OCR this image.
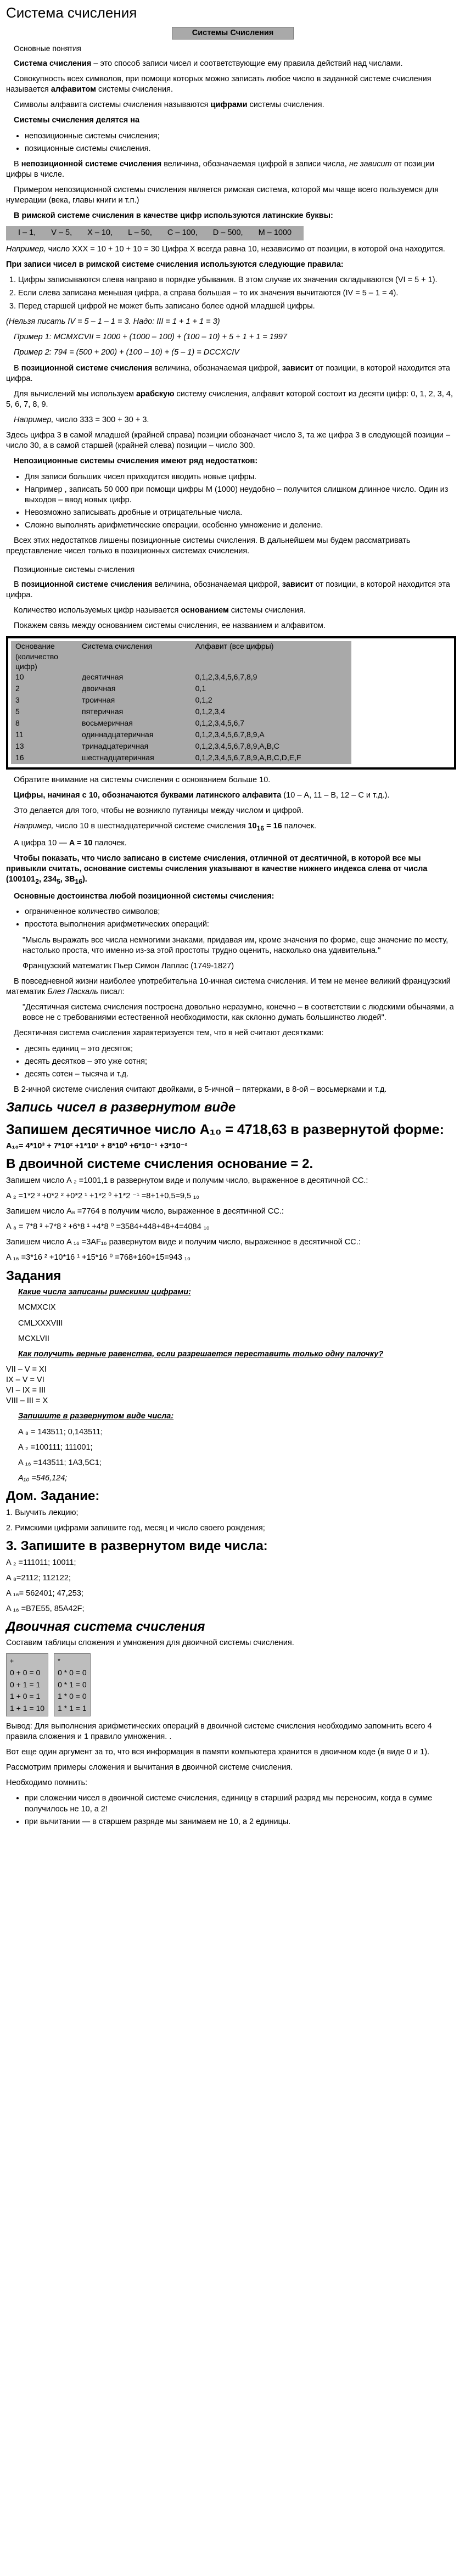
Система счисления
Системы Счисления

Основные понятия

Система счисления – это способ записи чисел и соответствующие ему правила действий над числами.

Совокупность всех символов, при помощи которых можно записать любое число в заданной системе счисления называется алфавитом системы счисления.

Символы алфавита системы счисления называются цифрами системы счисления.

Системы счисления делятся на

• непозиционные системы счисления;
• позиционные системы счисления.

В непозиционной системе счисления величина, обозначаемая цифрой в записи числа, не зависит от позиции цифры в числе.

Примером непозиционной системы счисления является римская система, которой мы чаще всего пользуемся для нумерации (века, главы книги и т.п.)

В римской системе счисления в качестве цифр используются латинские буквы:

I – 1, V – 5, X – 10, L – 50, C – 100, D – 500, M – 1000

Например, число XXX = 10 + 10 + 10 = 30 Цифра X всегда равна 10, независимо от позиции, в которой она находится.

При записи чисел в римской системе счисления используются следующие правила:

1. Цифры записываются слева направо в порядке убывания. В этом случае их значения складываются (VI = 5 + 1).
2. Если слева записана меньшая цифра, а справа большая – то их значения вычитаются (IV = 5 – 1 = 4).
3. Перед старшей цифрой не может быть записано более одной младшей цифры.

(Нельзя писать IV = 5 – 1 – 1 = 3. Надо: III = 1 + 1 + 1 = 3)

Пример 1: MCMXCVII = 1000 + (1000 – 100) + (100 – 10) + 5 + 1 + 1 = 1997

Пример 2: 794 = (500 + 200) + (100 – 10) + (5 – 1) = DCCXCIV

В позиционной системе счисления величина, обозначаемая цифрой, зависит от позиции, в которой находится эта цифра.

Для вычислений мы используем арабскую систему счисления, алфавит которой состоит из десяти цифр: 0, 1, 2, 3, 4, 5, 6, 7, 8, 9.

Например, число 333 = 300 + 30 + 3.

Здесь цифра 3 в самой младшей (крайней справа) позиции обозначает число 3, та же цифра 3 в следующей позиции – число 30, а в самой старшей (крайней слева) позиции – число 300.

Непозиционные системы счисления имеют ряд недостатков:

• Для записи больших чисел приходится вводить новые цифры.
• Например , записать 50 000 при помощи цифры M (1000) неудобно – получится слишком длинное число. Один из выходов – ввод новых цифр.
• Невозможно записывать дробные и отрицательные числа.
• Сложно выполнять арифметические операции, особенно умножение и деление.

Всех этих недостатков лишены позиционные системы счисления. В дальнейшем мы будем рассматривать представление чисел только в позиционных системах счисления.

Позиционные системы счисления

В позиционной системе счисления величина, обозначаемая цифрой, зависит от позиции, в которой находится эта цифра.

Количество используемых цифр называется основанием системы счисления.

Покажем связь между основанием системы счисления, ее названием и алфавитом.

Основание (количество цифр)	Система счисления	Алфавит (все цифры)
10	десятичная	0,1,2,3,4,5,6,7,8,9
2	двоичная	0,1
3	троичная	0,1,2
5	пятеричная	0,1,2,3,4
8	восьмеричная	0,1,2,3,4,5,6,7
11	одиннадцатеричная	0,1,2,3,4,5,6,7,8,9,A
13	тринадцатеричная	0,1,2,3,4,5,6,7,8,9,A,B,C
16	шестнадцатеричная	0,1,2,3,4,5,6,7,8,9,A,B,C,D,E,F

Обратите внимание на системы счисления с основанием больше 10.

Цифры, начиная с 10, обозначаются буквами латинского алфавита (10 – A, 11 – B, 12 – C и т.д.).

Это делается для того, чтобы не возникло путаницы между числом и цифрой.

Например, число 10 в шестнадцатеричной системе счисления $10_{16} = 16$ палочек.

А цифра 10 — A = 10 палочек.

Чтобы показать, что число записано в системе счисления, отличной от десятичной, в которой все мы привыкли считать, основание системы счисления указывают в качестве нижнего индекса слева от числа ($100101_2$, $234_5$, $3B_{16}$).

Основные достоинства любой позиционной системы счисления:

• ограниченное количество символов;
• простота выполнения арифметических операций:

"Мысль выражать все числа немногими знаками, придавая им, кроме значения по форме, еще значение по месту, настолько проста, что именно из-за этой простоты трудно оценить, насколько она удивительна."

Французский математик Пьер Симон Лаплас (1749-1827)

В повседневной жизни наиболее употребительна 10-ичная система счисления. И тем не менее великий французский математик Блез Паскаль писал:

"Десятичная система счисления построена довольно неразумно, конечно – в соответствии с людскими обычаями, а вовсе не с требованиями естественной необходимости, как склонно думать большинство людей".

Десятичная система счисления характеризуется тем, что в ней считают десятками:

• десять единиц – это десяток;
• десять десятков – это уже сотня;
• десять сотен – тысяча и т.д.

В 2-ичной системе счисления считают двойками, в 5-ичной – пятерками, в 8-ой – восьмерками и т.д.

Запись чисел в развернутом виде
Запишем десятичное число A₁₀ = 4718,63 в развернутой форме:

A₁₀= 4*10³ + 7*10² +1*10¹ + 8*10⁰ +6*10⁻¹ +3*10⁻²

В двоичной системе счисления основание = 2.

Запишем число A ₂ =1001,1 в развернутом виде и получим число, выраженное в десятичной СС.:

A ₂ =1*2 ³ +0*2 ² +0*2 ¹ +1*2 ⁰ +1*2 ⁻¹ =8+1+0,5=9,5 ₁₀

Запишем число A₈ =7764 в получим число, выраженное в десятичной СС.:

A ₈ = 7*8 ³ +7*8 ² +6*8 ¹ +4*8 ⁰ =3584+448+48+4=4084 ₁₀

Запишем число A ₁₆ =3AF₁₆ развернутом виде и получим число, выраженное в десятичной СС.:

A ₁₆ =3*16 ² +10*16 ¹ +15*16 ⁰ =768+160+15=943 ₁₀

Задания

Какие числа записаны римскими цифрами:

MCMXCIX

CMLXXXVIII

MCXLVII

Как получить верные равенства, если разрешается переставить только одну палочку?

VII – V = XI
IX – V = VI
VI – IX = III
VIII – III = X

Запишите в развернутом виде числа:

A ₈ = 143511; 0,143511;

A ₂ =100111; 111001;

A ₁₆ =143511; 1A3,5C1;

A₁₀ =546,124;

Дом. Задание:

1. Выучить лекцию;

2. Римскими цифрами запишите год, месяц и число своего рождения;

3. Запишите в развернутом виде числа:

A ₂ =111011; 10011;

A ₈=2112; 112122;

A ₁₆= 562401; 47,253;

A ₁₆ =B7E55, 85A42F;

Двоичная система счисления

Составим таблицы сложения и умножения для двоичной системы счисления.

+
0 + 0 = 0
0 + 1 = 1
1 + 0 = 1
1 + 1 = 10
*
0 * 0 = 0
0 * 1 = 0
1 * 0 = 0
1 * 1 = 1

Вывод: Для выполнения арифметических операций в двоичной системе счисления необходимо запомнить всего 4 правила сложения и 1 правило умножения. .

Вот еще один аргумент за то, что вся информация в памяти компьютера хранится в двоичном коде (в виде 0 и 1).

Рассмотрим примеры сложения и вычитания в двоичной системе счисления.

Необходимо помнить:

• при сложении чисел в двоичной системе счисления, единицу в старший разряд мы переносим, когда в сумме получилось не 10, а 2!
• при вычитании — в старшем разряде мы занимаем не 10, а 2 единицы.
